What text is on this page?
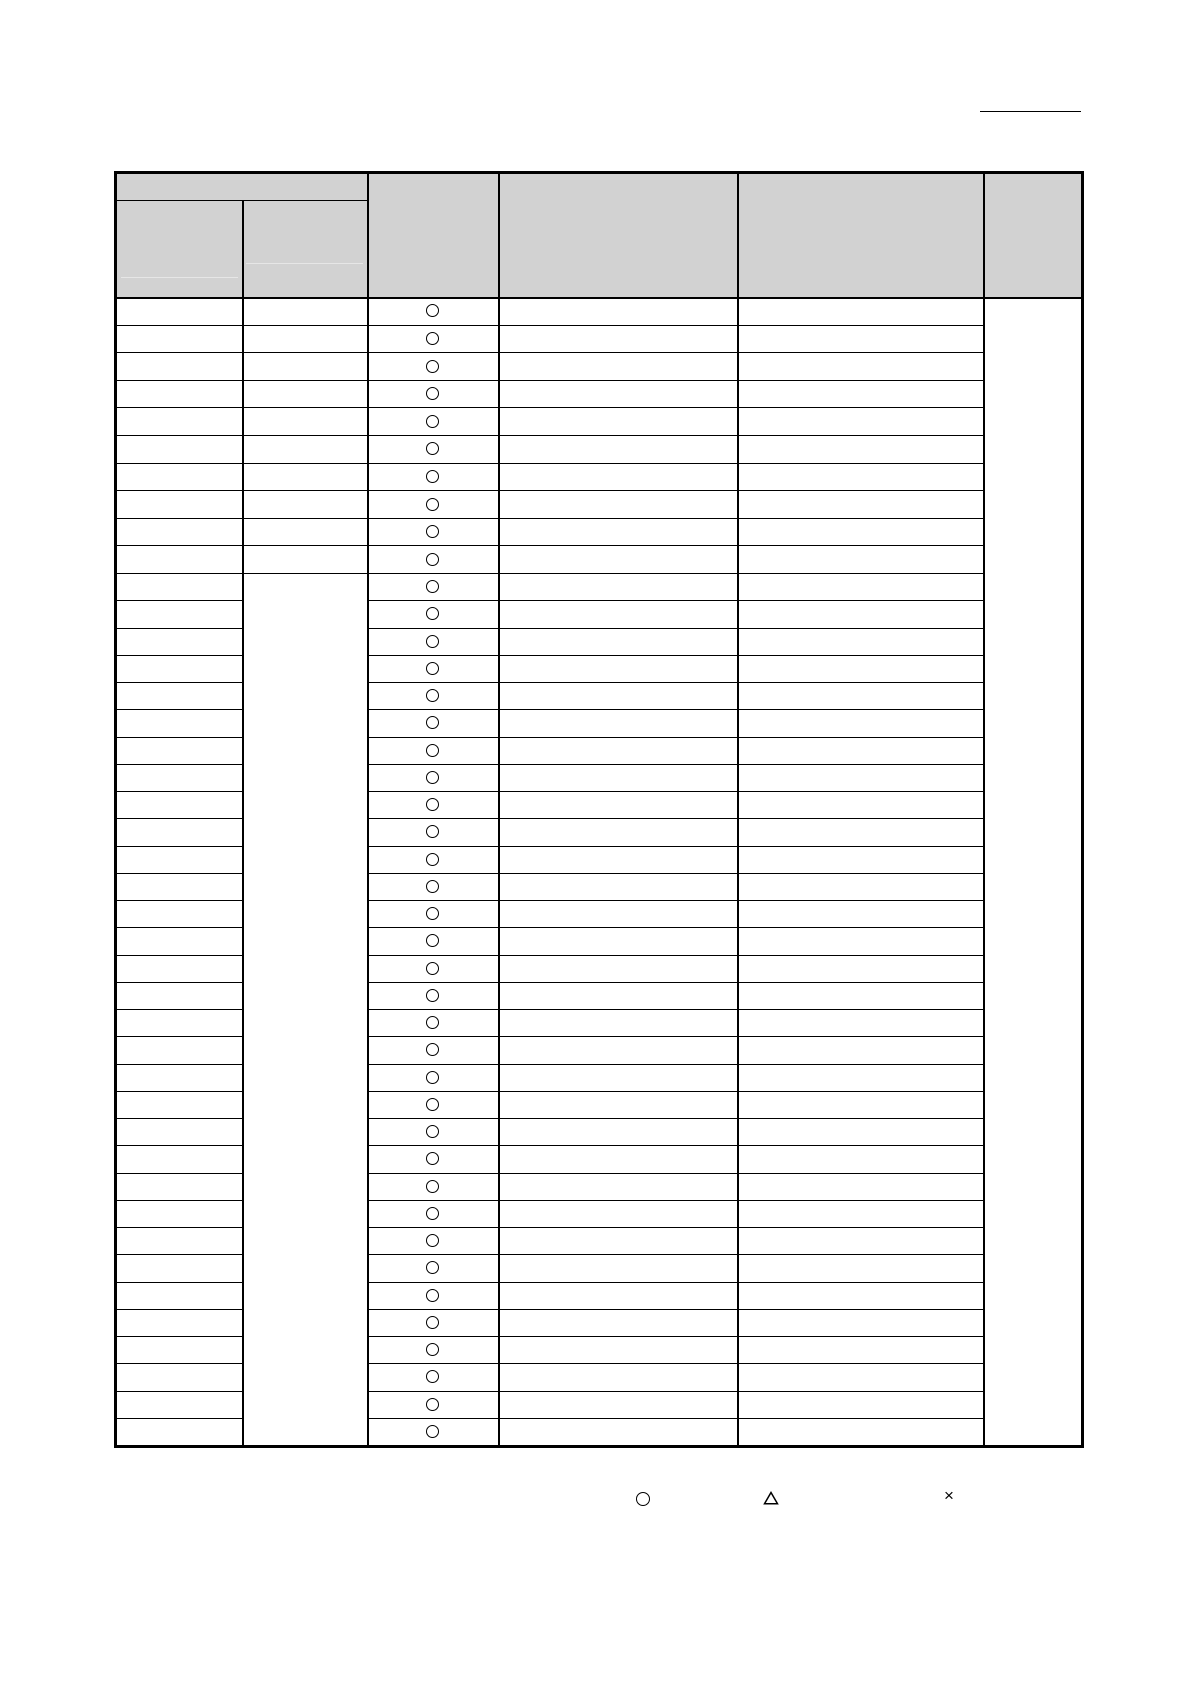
×
